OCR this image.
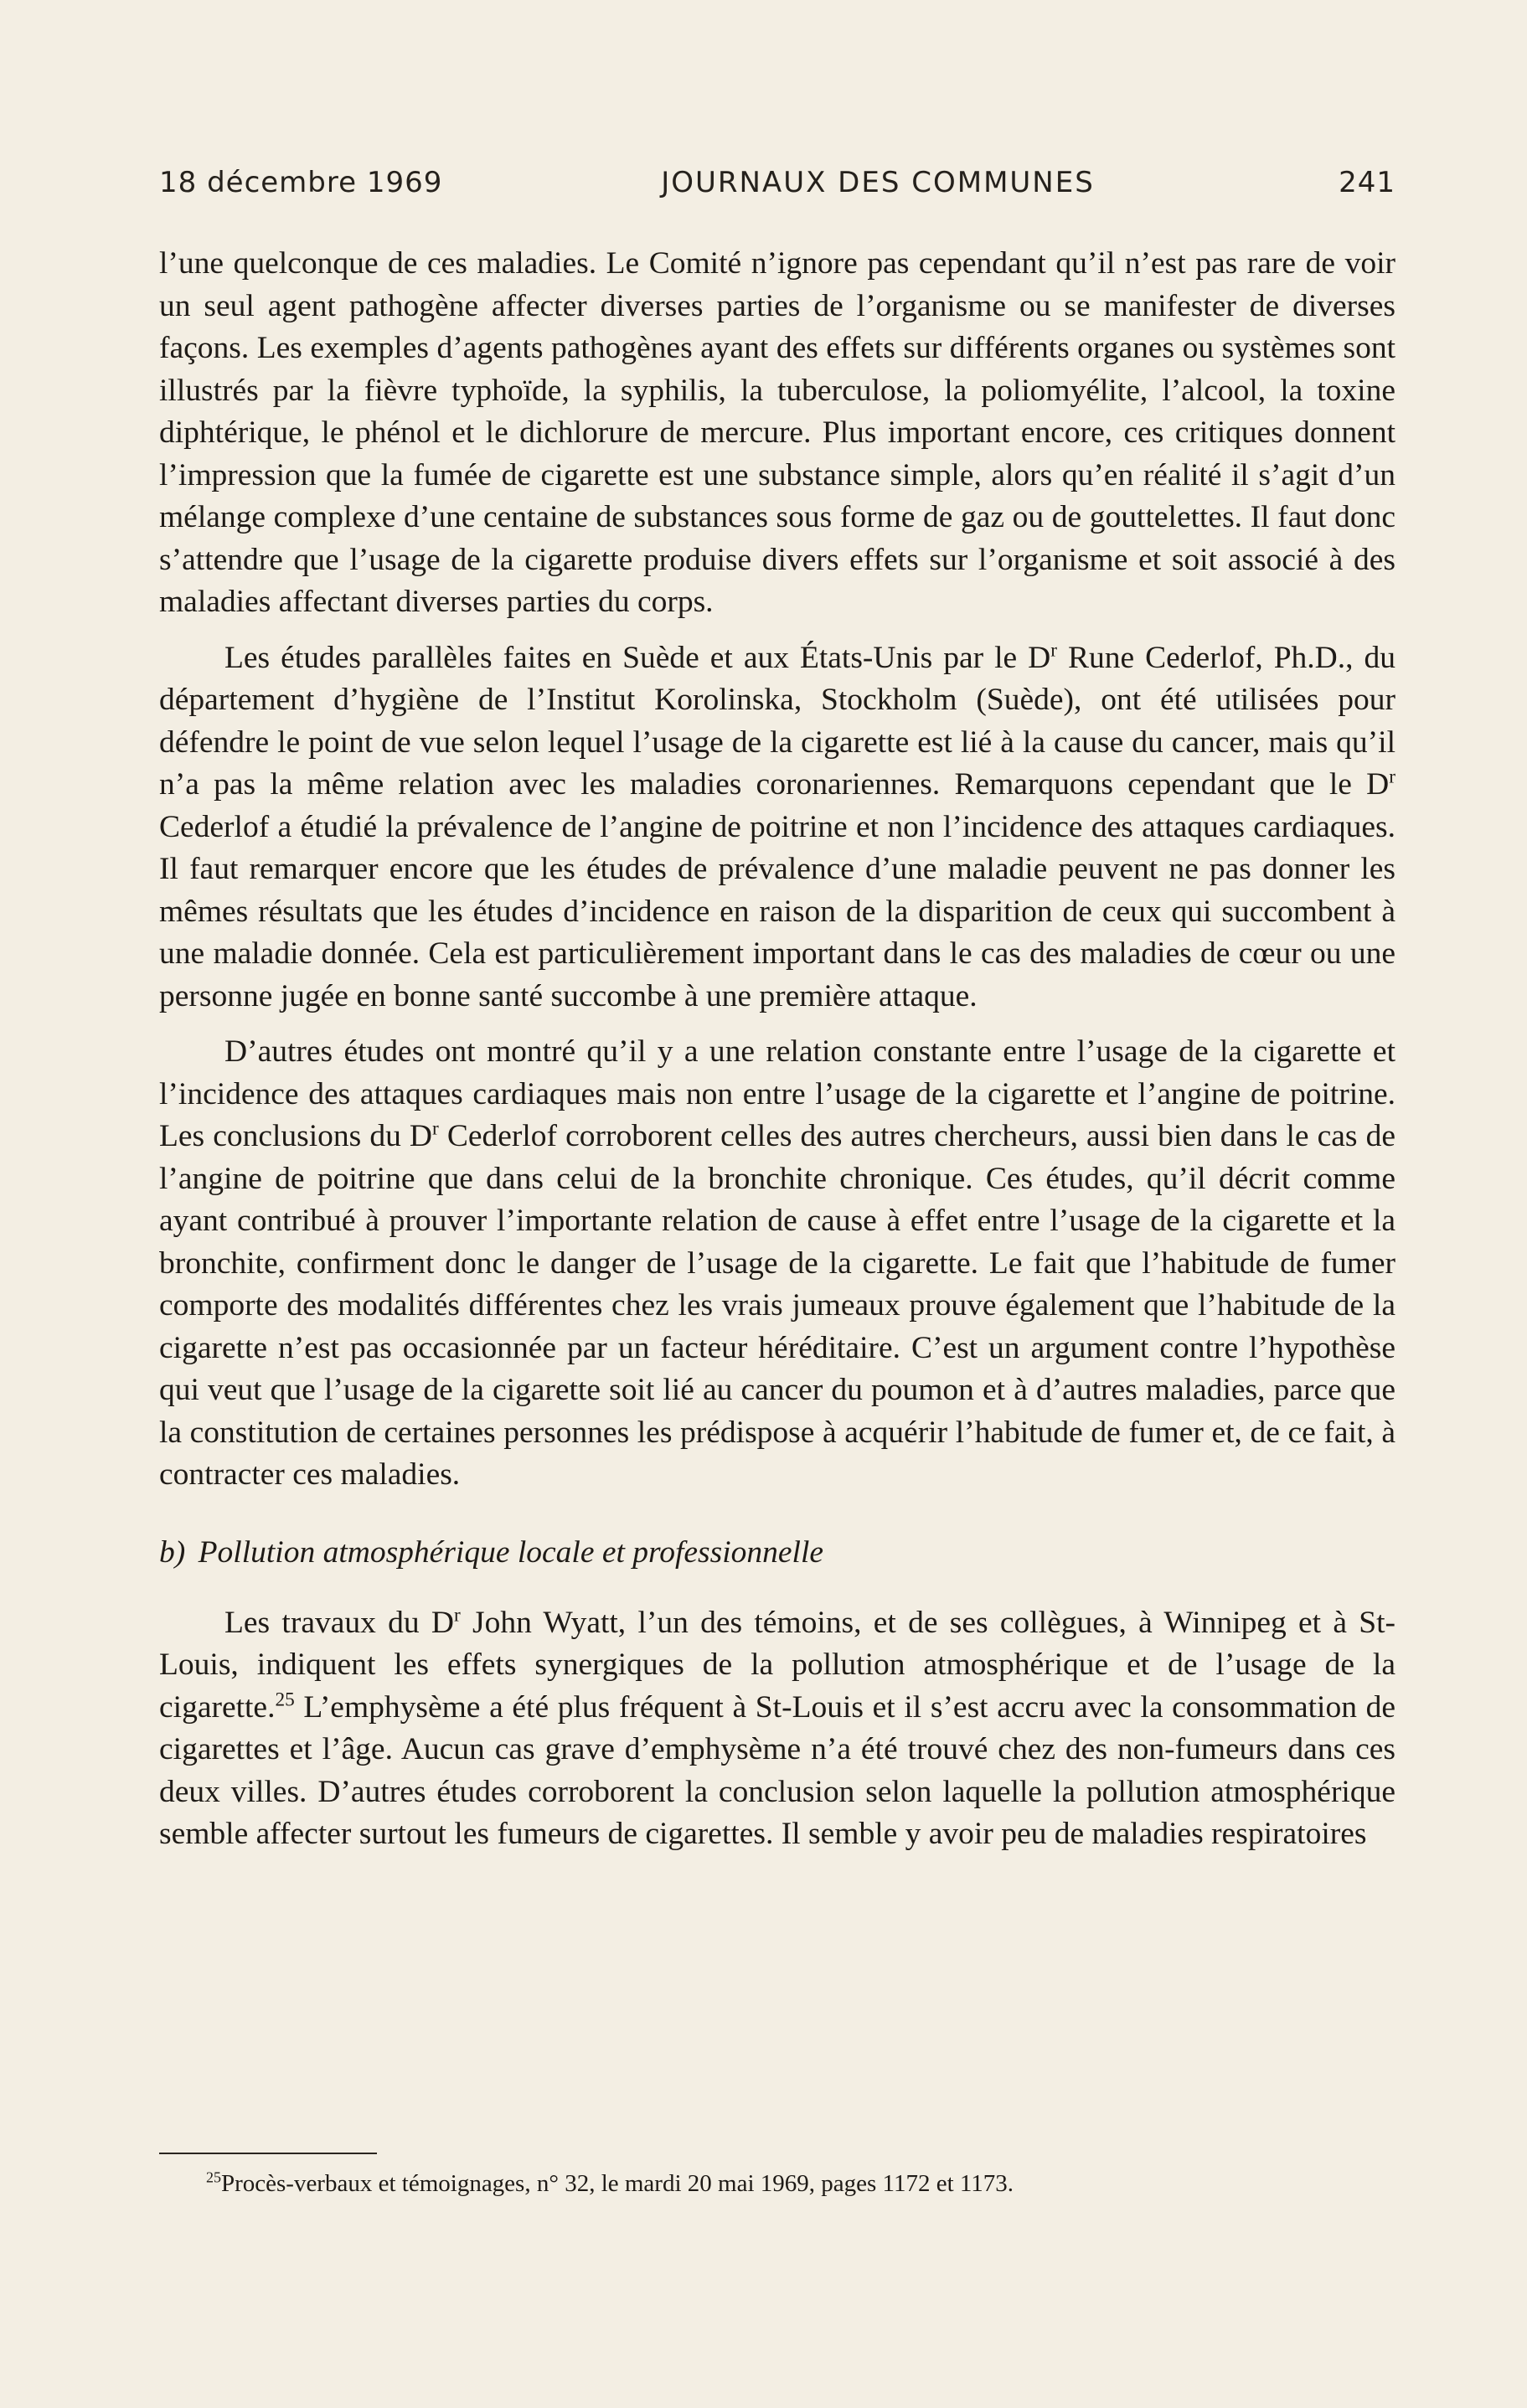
18 décembre 1969	JOURNAUX DES COMMUNES	241

l’une quelconque de ces maladies. Le Comité n’ignore pas cependant qu’il n’est pas rare de voir un seul agent pathogène affecter diverses parties de l’organisme ou se manifester de diverses façons. Les exemples d’agents pathogènes ayant des effets sur différents organes ou systèmes sont illustrés par la fièvre typhoïde, la syphilis, la tuberculose, la poliomyélite, l’alcool, la toxine diphtérique, le phénol et le dichlorure de mercure. Plus important encore, ces critiques donnent l’impression que la fumée de cigarette est une substance simple, alors qu’en réalité il s’agit d’un mélange complexe d’une centaine de substances sous forme de gaz ou de gouttelettes. Il faut donc s’attendre que l’usage de la cigarette produise divers effets sur l’organisme et soit associé à des maladies affectant diverses parties du corps.

Les études parallèles faites en Suède et aux États-Unis par le $D^r$ Rune Cederlof, Ph.D., du département d’hygiène de l’Institut Korolinska, Stockholm (Suède), ont été utilisées pour défendre le point de vue selon lequel l’usage de la cigarette est lié à la cause du cancer, mais qu’il n’a pas la même relation avec les maladies coronariennes. Remarquons cependant que le $D^r$ Cederlof a étudié la prévalence de l’angine de poitrine et non l’incidence des attaques cardiaques. Il faut remarquer encore que les études de prévalence d’une maladie peuvent ne pas donner les mêmes résultats que les études d’incidence en raison de la disparition de ceux qui succombent à une maladie donnée. Cela est particulièrement important dans le cas des maladies de cœur ou une personne jugée en bonne santé succombe à une première attaque.

D’autres études ont montré qu’il y a une relation constante entre l’usage de la cigarette et l’incidence des attaques cardiaques mais non entre l’usage de la cigarette et l’angine de poitrine. Les conclusions du $D^r$ Cederlof corroborent celles des autres chercheurs, aussi bien dans le cas de l’angine de poitrine que dans celui de la bronchite chronique. Ces études, qu’il décrit comme ayant contribué à prouver l’importante relation de cause à effet entre l’usage de la cigarette et la bronchite, confirment donc le danger de l’usage de la cigarette. Le fait que l’habitude de fumer comporte des modalités différentes chez les vrais jumeaux prouve également que l’habitude de la cigarette n’est pas occasionnée par un facteur héréditaire. C’est un argument contre l’hypothèse qui veut que l’usage de la cigarette soit lié au cancer du poumon et à d’autres maladies, parce que la constitution de certaines personnes les prédispose à acquérir l’habitude de fumer et, de ce fait, à contracter ces maladies.

b) Pollution atmosphérique locale et professionnelle

Les travaux du $D^r$ John Wyatt, l’un des témoins, et de ses collègues, à Winnipeg et à St-Louis, indiquent les effets synergiques de la pollution atmosphérique et de l’usage de la cigarette.$^{25}$ L’emphysème a été plus fréquent à St-Louis et il s’est accru avec la consommation de cigarettes et l’âge. Aucun cas grave d’emphysème n’a été trouvé chez des non-fumeurs dans ces deux villes. D’autres études corroborent la conclusion selon laquelle la pollution atmosphérique semble affecter surtout les fumeurs de cigarettes. Il semble y avoir peu de maladies respiratoires

$^{25}$Procès-verbaux et témoignages, n° 32, le mardi 20 mai 1969, pages 1172 et 1173.
